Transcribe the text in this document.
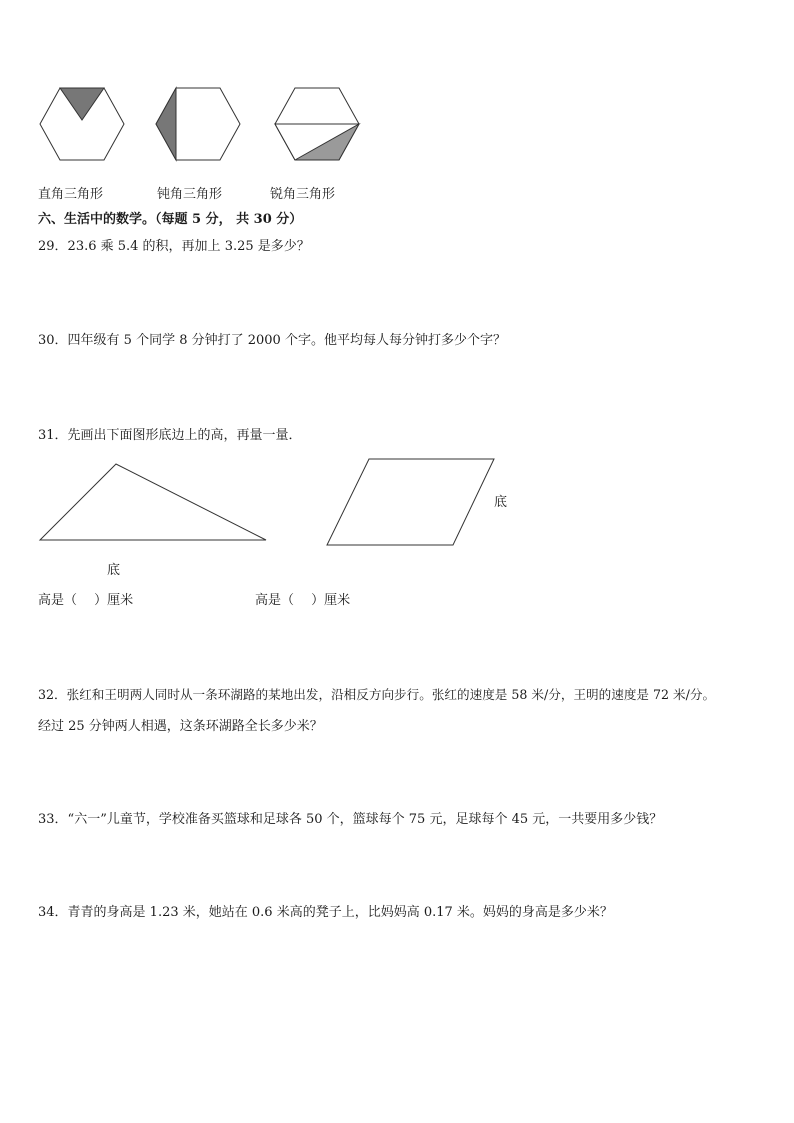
直角三角形	钝角三角形	锐角三角形
六、生活中的数学。（每题 5 分， 共 30 分）
29．23.6 乘 5.4 的积，再加上 3.25 是多少？
30．四年级有 5 个同学 8 分钟打了 2000 个字。他平均每人每分钟打多少个字？
31．先画出下面图形底边上的高，再量一量．
底
底
高是（　 ）厘米	高是（　 ）厘米
32．张红和王明两人同时从一条环湖路的某地出发，沿相反方向步行。张红的速度是 58 米/分，王明的速度是 72 米/分。
经过 25 分钟两人相遇，这条环湖路全长多少米？
33．“六一”儿童节，学校准备买篮球和足球各 50 个，篮球每个 75 元，足球每个 45 元，一共要用多少钱？
34．青青的身高是 1.23 米，她站在 0.6 米高的凳子上，比妈妈高 0.17 米。妈妈的身高是多少米？
